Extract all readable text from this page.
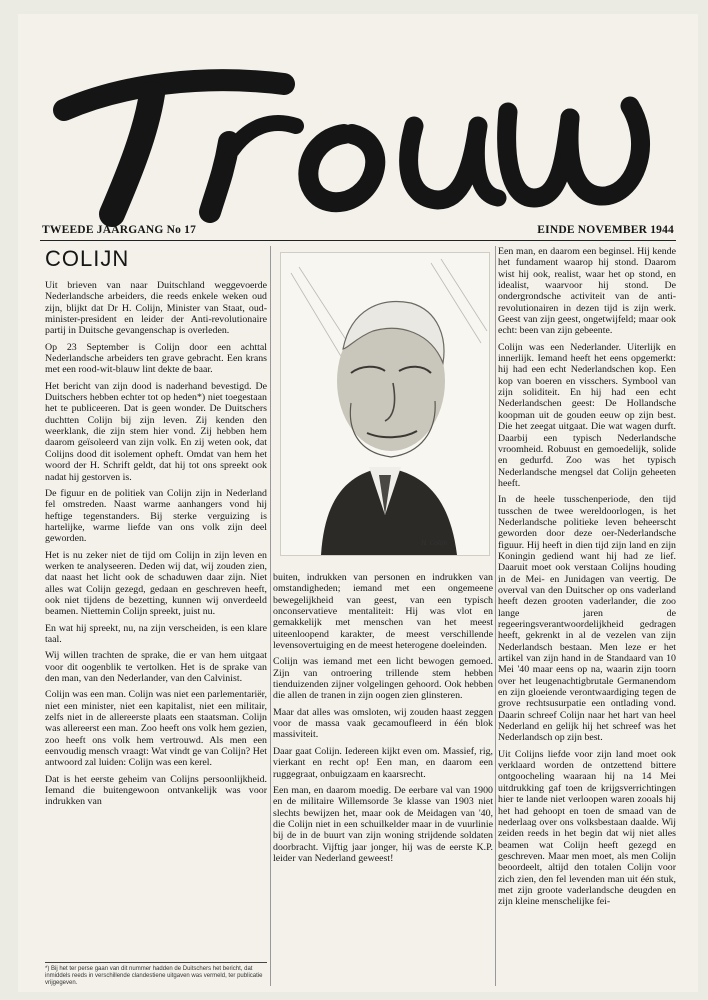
Trouw
TWEEDE JAARGANG No 17	EINDE NOVEMBER 1944
COLIJN

Uit brieven van naar Duitschland weggevoerde Nederlandsche arbeiders, die reeds enkele weken oud zijn, blijkt dat Dr H. Colijn, Minister van Staat, oud-minister-president en leider der Anti-revolutionaire partij in Duitsche gevangenschap is overleden.

Op 23 September is Colijn door een achttal Nederlandsche arbeiders ten grave gebracht. Een krans met een rood-wit-blauw lint dekte de baar.

Het bericht van zijn dood is naderhand bevestigd. De Duitschers hebben echter tot op heden*) niet toegestaan het te publiceeren. Dat is geen wonder. De Duitschers duchtten Colijn bij zijn leven. Zij kenden den weerklank, die zijn stem hier vond. Zij hebben hem daarom geïsoleerd van zijn volk. En zij weten ook, dat Colijns dood dit isolement opheft. Omdat van hem het woord der H. Schrift geldt, dat hij tot ons spreekt ook nadat hij gestorven is.

De figuur en de politiek van Colijn zijn in Nederland fel omstreden. Naast warme aanhangers vond hij heftige tegenstanders. Bij sterke verguizing is hartelijke, warme liefde van ons volk zijn deel geworden.

Het is nu zeker niet de tijd om Colijn in zijn leven en werken te analyseeren. Deden wij dat, wij zouden zien, dat naast het licht ook de schaduwen daar zijn. Niet alles wat Colijn gezegd, gedaan en geschreven heeft, ook niet tijdens de bezetting, kunnen wij onverdeeld beamen. Niettemin Colijn spreekt, juist nu.

En wat hij spreekt, nu, na zijn verscheiden, is een klare taal.

Wij willen trachten de sprake, die er van hem uitgaat voor dit oogenblik te vertolken. Het is de sprake van den man, van den Nederlander, van den Calvinist.

Colijn was een man. Colijn was niet een parlementariër, niet een minister, niet een kapitalist, niet een militair, zelfs niet in de allereerste plaats een staatsman. Colijn was allereerst een man. Zoo heeft ons volk hem gezien, zoo heeft ons volk hem vertrouwd. Als men een eenvoudig mensch vraagt: Wat vindt ge van Colijn? Het antwoord zal luiden: Colijn was een kerel.

Dat is het eerste geheim van Colijns persoonlijkheid. Iemand die buitengewoon ontvankelijk was voor indrukken van

H. Colijn

buiten, indrukken van personen en indrukken van omstandigheden; iemand met een ongemeene bewegelijkheid van geest, van een typisch onconservatieve mentaliteit: Hij was vlot en gemakkelijk met menschen van het meest uiteenloopend karakter, de meest verschillende levensovertuiging en de meest heterogene doeleinden.

Colijn was iemand met een licht bewogen gemoed. Zijn van ontroering trillende stem hebben tienduizenden zijner volgelingen gehoord. Ook hebben die allen de tranen in zijn oogen zien glinsteren.

Maar dat alles was omsloten, wij zouden haast zeggen voor de massa vaak gecamoufleerd in één blok massiviteit.

Daar gaat Colijn. Iedereen kijkt even om. Massief, rig, vierkant en recht op! Een man, en daarom een ruggegraat, onbuigzaam en kaarsrecht.

Een man, en daarom moedig. De eerbare val van 1900 en de militaire Willemsorde 3e klasse van 1903 niet slechts bewijzen het, maar ook de Meidagen van '40, die Colijn niet in een schuilkelder maar in de vuurlinie bij de in de buurt van zijn woning strijdende soldaten doorbracht. Vijftig jaar jonger, hij was de eerste K.P. leider van Nederland geweest!

Een man, en daarom een beginsel. Hij kende het fundament waarop hij stond. Daarom wist hij ook, realist, waar het op stond, en idealist, waarvoor hij stond. De ondergrondsche activiteit van de anti-revolutionairen in dezen tijd is zijn werk. Geest van zijn geest, ongetwijfeld; maar ook echt: been van zijn gebeente.

Colijn was een Nederlander. Uiterlijk en innerlijk. Iemand heeft het eens opgemerkt: hij had een echt Nederlandschen kop. Een kop van boeren en visschers. Symbool van zijn soliditeit. En hij had een echt Nederlandschen geest: De Hollandsche koopman uit de gouden eeuw op zijn best. Die het zeegat uitgaat. Die wat wagen durft. Daarbij een typisch Nederlandsche vroomheid. Robuust en gemoedelijk, solide en gedurfd. Zoo was het typisch Nederlandsche mengsel dat Colijn geheeten heeft.

In de heele tusschenperiode, den tijd tusschen de twee wereldoorlogen, is het Nederlandsche politieke leven beheerscht geworden door deze oer-Nederlandsche figuur. Hij heeft in dien tijd zijn land en zijn Koningin gediend want hij had ze lief. Daaruit moet ook verstaan Colijns houding in de Mei- en Junidagen van veertig. De overval van den Duitscher op ons vaderland heeft dezen grooten vaderlander, die zoo lange jaren de regeeringsverantwoordelijkheid gedragen heeft, gekrenkt in al de vezelen van zijn Nederlandsch bestaan. Men leze er het artikel van zijn hand in de Standaard van 10 Mei '40 maar eens op na, waarin zijn toorn over het leugenachtigbrutale Germanendom en zijn gloeiende verontwaardiging tegen de grove rechtsusurpatie een ontlading vond. Daarin schreef Colijn naar het hart van heel Nederland en gelijk hij het schreef was het Nederlandsch op zijn best.

Uit Colijns liefde voor zijn land moet ook verklaard worden de ontzettend bittere ontgoocheling waaraan hij na 14 Mei uitdrukking gaf toen de krijgsverrichtingen hier te lande niet verloopen waren zooals hij het had gehoopt en toen de smaad van de nederlaag over ons volksbestaan daalde. Wij zeiden reeds in het begin dat wij niet alles beamen wat Colijn heeft gezegd en geschreven. Maar men moet, als men Colijn beoordeelt, altijd den totalen Colijn voor zich zien, den fel levenden man uit één stuk, met zijn groote vaderlandsche deugden en zijn kleine menschelijke fei-

*) Bij het ter perse gaan van dit nummer hadden de Duitschers het bericht, dat inmiddels reeds in verschillende clandestiene uitgaven was vermeld, ter publicatie vrijgegeven.
